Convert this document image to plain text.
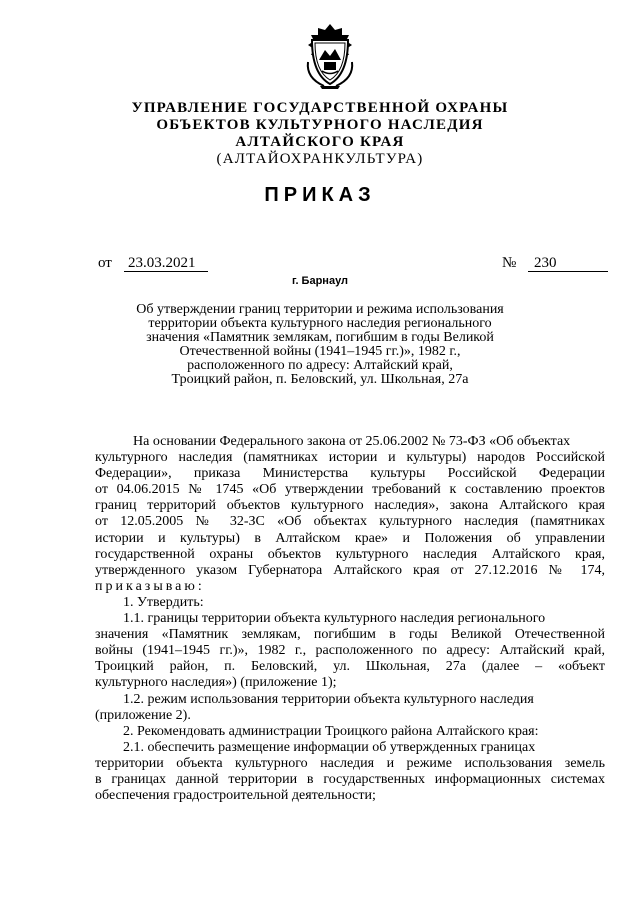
УПРАВЛЕНИЕ ГОСУДАРСТВЕННОЙ ОХРАНЫ
ОБЪЕКТОВ КУЛЬТУРНОГО НАСЛЕДИЯ
АЛТАЙСКОГО КРАЯ
(АЛТАЙОХРАНКУЛЬТУРА)
ПРИКАЗ
от 23.03.2021	№	230
г. Барнаул
Об утверждении границ территории и режима использования
территории объекта культурного наследия регионального
значения «Памятник землякам, погибшим в годы Великой
Отечественной войны (1941–1945 гг.)», 1982 г.,
расположенного по адресу: Алтайский край,
Троицкий район, п. Беловский, ул. Школьная, 27а
На основании Федерального закона от 25.06.2002 № 73-ФЗ «Об объектах
культурного наследия (памятниках истории и культуры) народов Российской
Федерации», приказа Министерства культуры Российской Федерации
от 04.06.2015 № 1745 «Об утверждении требований к составлению проектов
границ территорий объектов культурного наследия», закона Алтайского края
от 12.05.2005 № 32-ЗС «Об объектах культурного наследия (памятниках
истории и культуры) в Алтайском крае» и Положения об управлении
государственной охраны объектов культурного наследия Алтайского края,
утвержденного указом Губернатора Алтайского края от 27.12.2016 № 174,
приказываю:
1. Утвердить:
1.1. границы территории объекта культурного наследия регионального
значения «Памятник землякам, погибшим в годы Великой Отечественной
войны (1941–1945 гг.)», 1982 г., расположенного по адресу: Алтайский край,
Троицкий район, п. Беловский, ул. Школьная, 27а (далее – «объект
культурного наследия») (приложение 1);
1.2. режим использования территории объекта культурного наследия
(приложение 2).
2. Рекомендовать администрации Троицкого района Алтайского края:
2.1. обеспечить размещение информации об утвержденных границах
территории объекта культурного наследия и режиме использования земель
в границах данной территории в государственных информационных системах
обеспечения градостроительной деятельности;
